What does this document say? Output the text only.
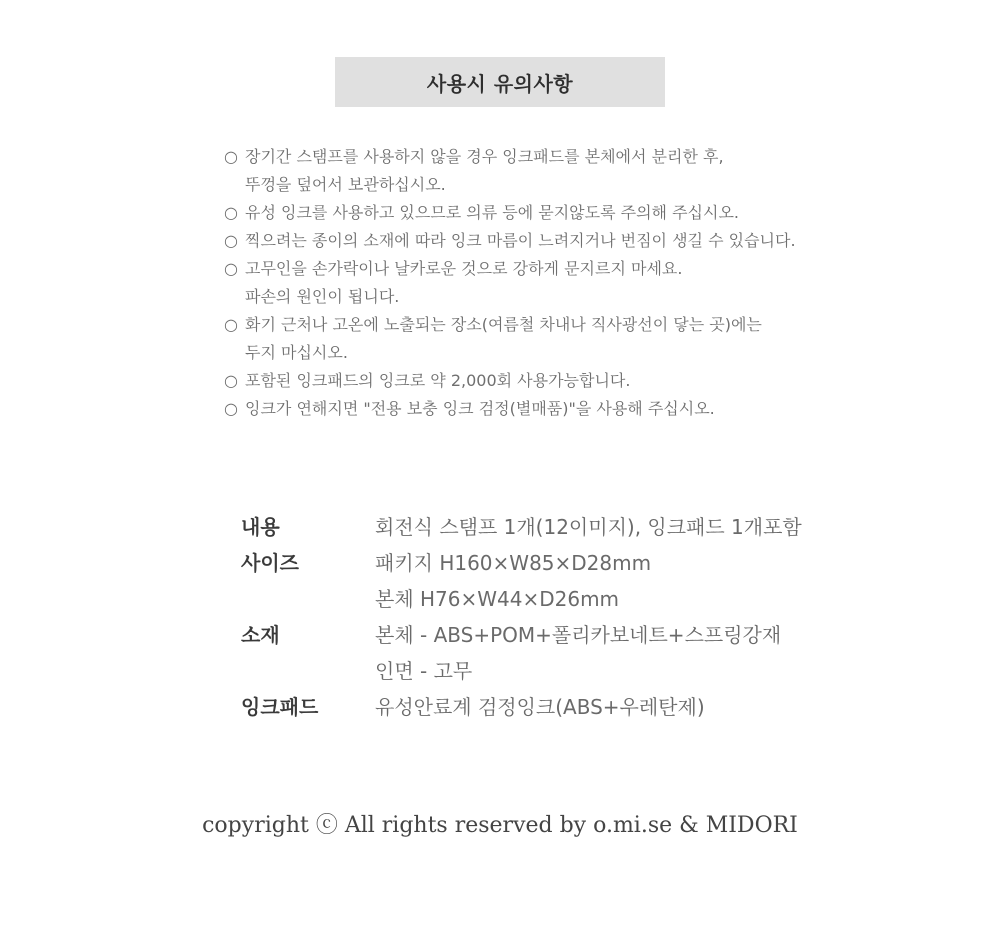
사용시 유의사항
○ 장기간 스탬프를 사용하지 않을 경우 잉크패드를 본체에서 분리한 후,
뚜껑을 덮어서 보관하십시오.
○ 유성 잉크를 사용하고 있으므로 의류 등에 묻지않도록 주의해 주십시오.
○ 찍으려는 종이의 소재에 따라 잉크 마름이 느려지거나 번짐이 생길 수 있습니다.
○ 고무인을 손가락이나 날카로운 것으로 강하게 문지르지 마세요.
파손의 원인이 됩니다.
○ 화기 근처나 고온에 노출되는 장소(여름철 차내나 직사광선이 닿는 곳)에는
두지 마십시오.
○ 포함된 잉크패드의 잉크로 약 2,000회 사용가능합니다.
○ 잉크가 연해지면 "전용 보충 잉크 검정(별매품)"을 사용해 주십시오.
내용	회전식 스탬프 1개(12이미지), 잉크패드 1개포함
사이즈	패키지 H160×W85×D28mm
본체 H76×W44×D26mm
소재	본체 - ABS+POM+폴리카보네트+스프링강재
인면 - 고무
잉크패드	유성안료계 검정잉크(ABS+우레탄제)
copyright ⓒ All rights reserved by o.mi.se & MIDORI
